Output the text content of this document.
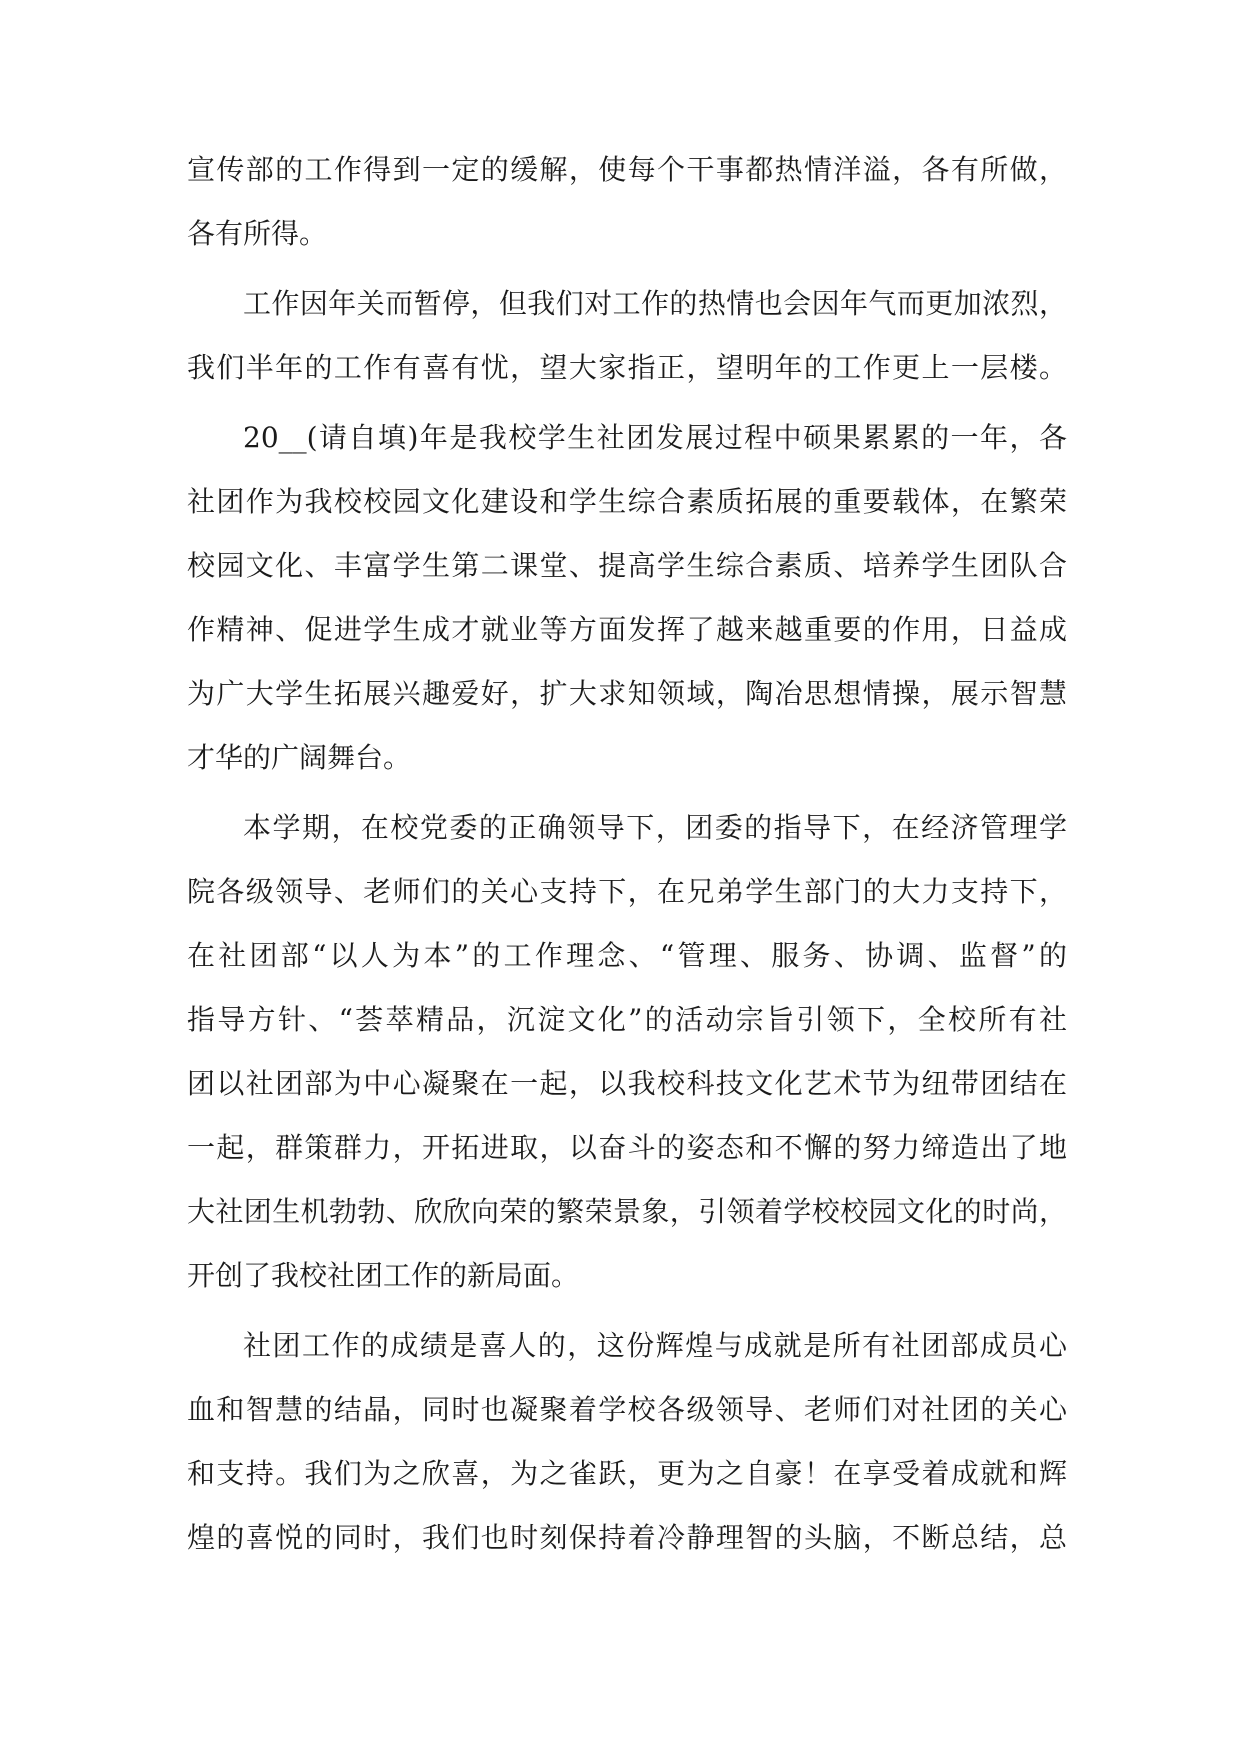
宣传部的工作得到一定的缓解，使每个干事都热情洋溢，各有所做，
各有所得。
工作因年关而暂停，但我们对工作的热情也会因年气而更加浓烈，
我们半年的工作有喜有忧，望大家指正，望明年的工作更上一层楼。
20__(请自填)年是我校学生社团发展过程中硕果累累的一年，各
社团作为我校校园文化建设和学生综合素质拓展的重要载体，在繁荣
校园文化、丰富学生第二课堂、提高学生综合素质、培养学生团队合
作精神、促进学生成才就业等方面发挥了越来越重要的作用，日益成
为广大学生拓展兴趣爱好，扩大求知领域，陶冶思想情操，展示智慧
才华的广阔舞台。
本学期，在校党委的正确领导下，团委的指导下，在经济管理学
院各级领导、老师们的关心支持下，在兄弟学生部门的大力支持下，
在社团部“以人为本”的工作理念、“管理、服务、协调、监督”的
指导方针、“荟萃精品，沉淀文化”的活动宗旨引领下，全校所有社
团以社团部为中心凝聚在一起，以我校科技文化艺术节为纽带团结在
一起，群策群力，开拓进取，以奋斗的姿态和不懈的努力缔造出了地
大社团生机勃勃、欣欣向荣的繁荣景象，引领着学校校园文化的时尚，
开创了我校社团工作的新局面。
社团工作的成绩是喜人的，这份辉煌与成就是所有社团部成员心
血和智慧的结晶，同时也凝聚着学校各级领导、老师们对社团的关心
和支持。我们为之欣喜，为之雀跃，更为之自豪！在享受着成就和辉
煌的喜悦的同时，我们也时刻保持着冷静理智的头脑，不断总结，总
